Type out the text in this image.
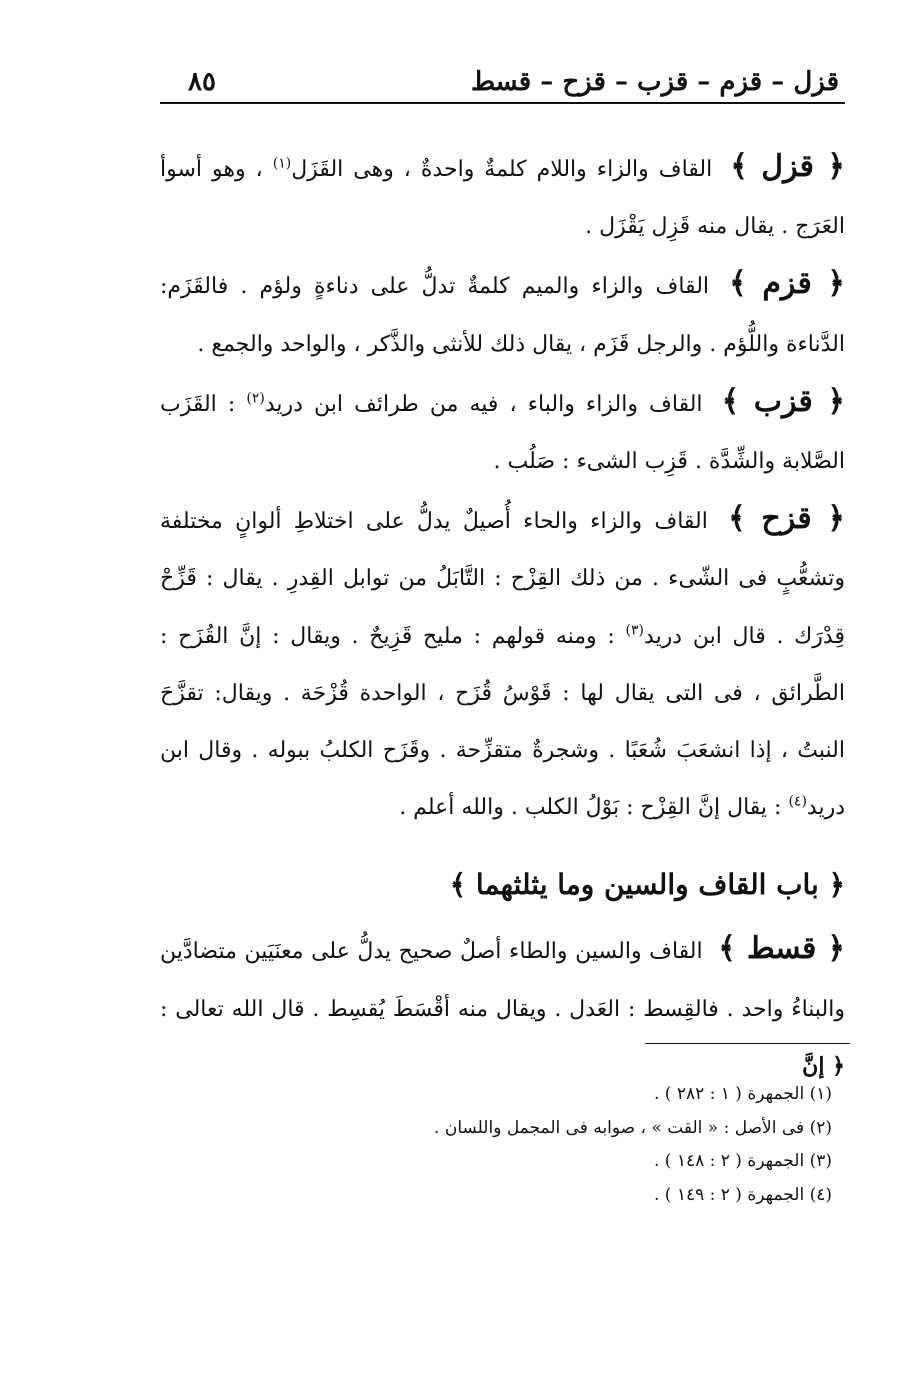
قزل – قزم – قزب – قزح – قسط
٨٥

﴿ قزل ﴾ القاف والزاء واللام كلمةٌ واحدةٌ ، وهى القَزَل$^{(١)}$ ، وهو أسوأ العَرَج . يقال منه قَزِل يَقْزَل .

﴿ قزم ﴾ القاف والزاء والميم كلمةٌ تدلُّ على دناءةٍ ولؤم . فالقَزَم: الدَّناءة واللُّؤم . والرجل قَزَم ، يقال ذلك للأنثى والذَّكر ، والواحد والجمع .

﴿ قزب ﴾ القاف والزاء والباء ، فيه من طرائف ابن دريد$^{(٢)}$ : القَزَب الصَّلابة والشِّدَّة . قَزِب الشىء : صَلُب .

﴿ قزح ﴾ القاف والزاء والحاء أُصيلٌ يدلُّ على اختلاطِ ألوانٍ مختلفة وتشعُّبٍ فى الشّىء . من ذلك القِزْح : التَّابَلُ من توابل القِدرِ . يقال : قَزِّحْ قِدْرَك . قال ابن دريد$^{(٣)}$ : ومنه قولهم : مليح قَزِيحٌ . ويقال : إنَّ القُزَح : الطَّرائق ، فى التى يقال لها : قَوْسُ قُزَح ، الواحدة قُزْحَة . ويقال: تقزَّحَ النبتُ ، إذا انشعَبَ شُعَبًا . وشجرةٌ متقزِّحة . وقَزَح الكلبُ ببوله . وقال ابن دريد$^{(٤)}$ : يقال إنَّ القِزْح : بَوْلُ الكلب . والله أعلم .

﴿ باب القاف والسين وما يثلثهما ﴾

﴿ قسط ﴾ القاف والسين والطاء أصلٌ صحيح يدلُّ على معنَيَين متضادَّين والبناءُ واحد . فالقِسط : العَدل . ويقال منه أقْسَطَ يُقسِط . قال الله تعالى : ﴿ إنَّ

(١) الجمهرة ( ١ : ٢٨٢ ) .
(٢) فى الأصل : « القت » ، صوابه فى المجمل واللسان .
(٣) الجمهرة ( ٢ : ١٤٨ ) .
(٤) الجمهرة ( ٢ : ١٤٩ ) .
